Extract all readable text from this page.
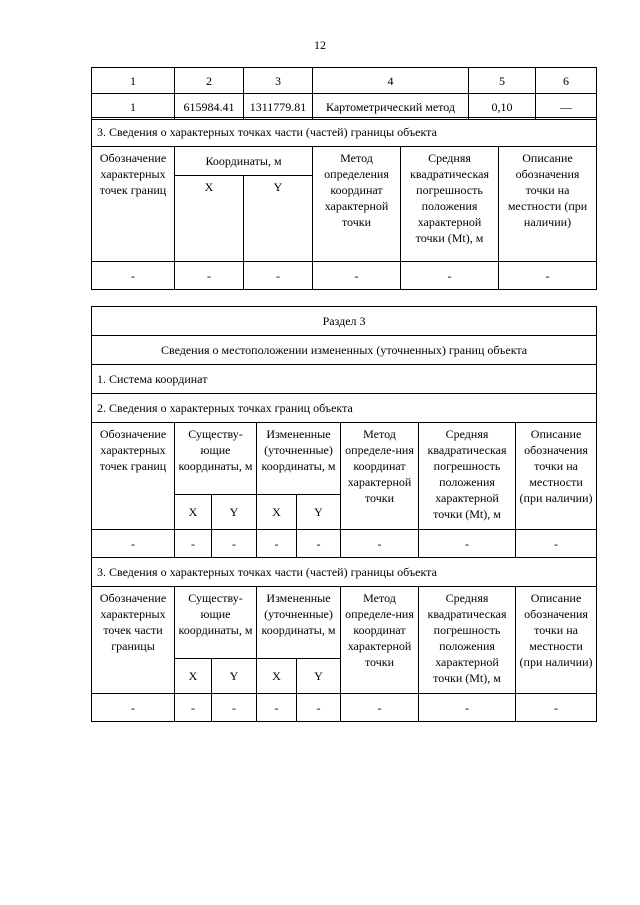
12
1	2	3	4	5	6
1	615984.41	1311779.81	Картометрический метод	0,10	—
3. Сведения о характерных точках части (частей) границы объекта					
Обозначение характерных точек границ	Координаты, м		Метод определения координат характерной точки	Средняя квадратическая погрешность положения характерной точки (Mt), м	Описание обозначения точки на местности (при наличии)
	X	Y			
-	-	-	-	-	-
Раздел 3							
Сведения о местоположении измененных (уточненных) границ объекта							
1. Система координат							
2. Сведения о характерных точках границ объекта							
Обозначение характерных точек границ	Существу-ющие координаты, м		Измененные (уточненные) координаты, м		Метод определе-ния координат характерной точки	Средняя квадратическая погрешность положения характерной точки (Mt), м	Описание обозначения точки на местности (при наличии)
	X	Y	X	Y			
-	-	-	-	-	-	-	-
3. Сведения о характерных точках части (частей) границы объекта							
Обозначение характерных точек части границы	Существу-ющие координаты, м		Измененные (уточненные) координаты, м		Метод определе-ния координат характерной точки	Средняя квадратическая погрешность положения характерной точки (Mt), м	Описание обозначения точки на местности (при наличии)
	X	Y	X	Y			
-	-	-	-	-	-	-	-
